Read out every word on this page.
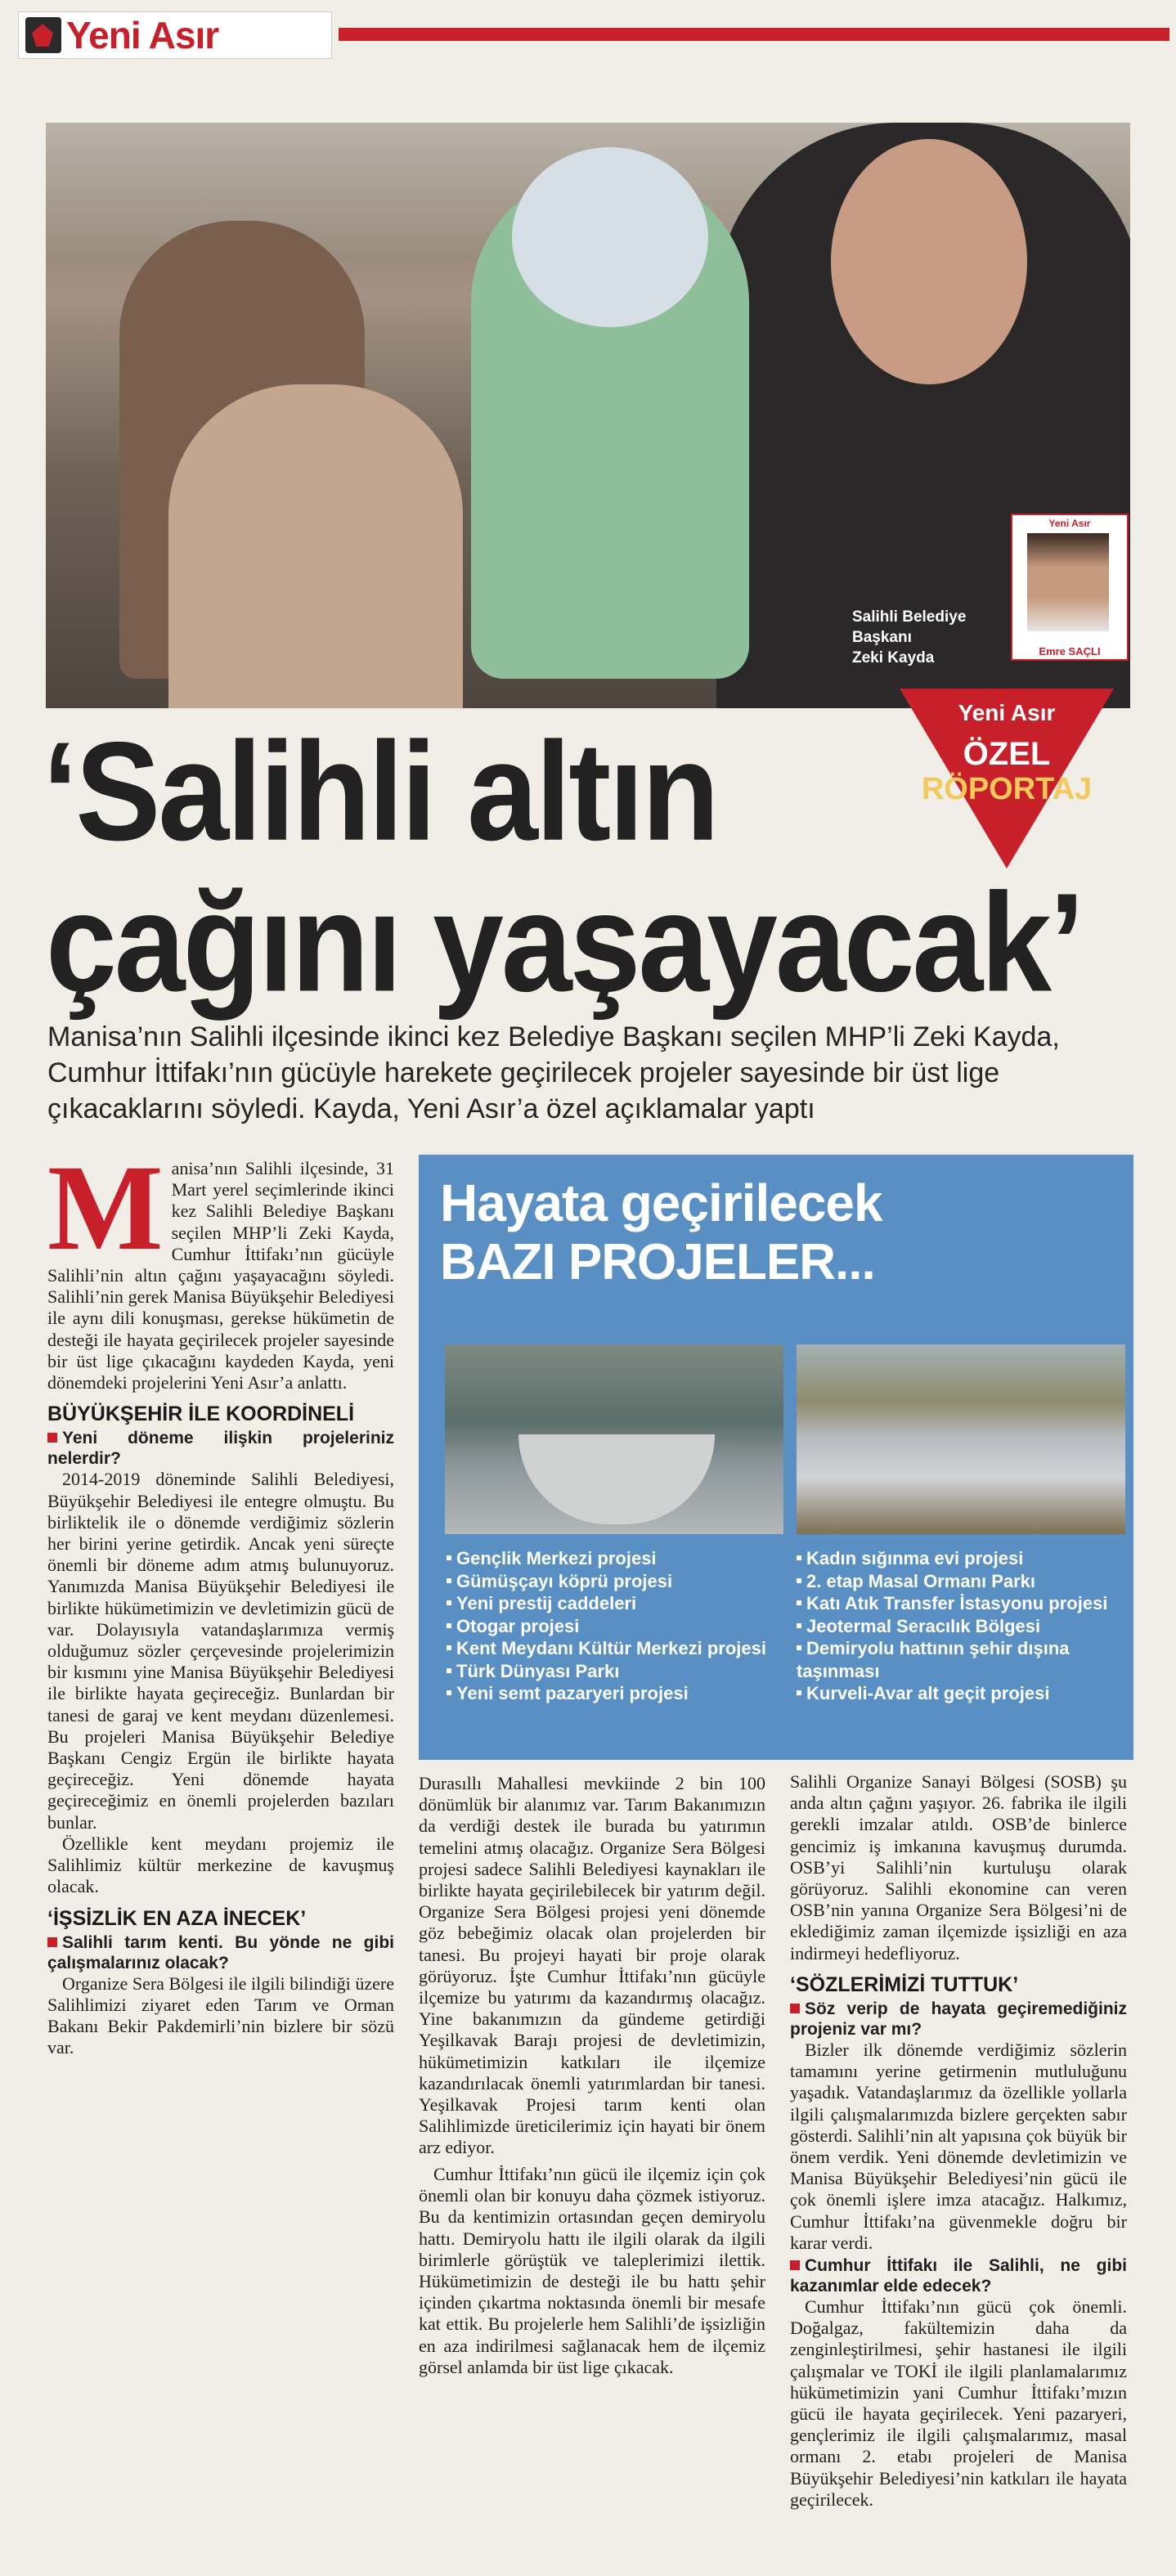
Yeni Asır
Salihli Belediye
Başkanı
Zeki Kayda
Yeni Asır
Emre SAÇLI
Yeni Asır
ÖZEL
RÖPORTAJ
‘Salihli altın
çağını yaşayacak’
Manisa’nın Salihli ilçesinde ikinci kez Belediye Başkanı seçilen MHP’li Zeki Kayda, Cumhur İttifakı’nın gücüyle harekete geçirilecek projeler sayesinde bir üst lige çıkacaklarını söyledi. Kayda, Yeni Asır’a özel açıklamalar yaptı
M anisa’nın Salihli ilçesinde, 31 Mart yerel seçimlerinde ikinci kez Salihli Belediye Başkanı seçilen MHP’li Zeki Kayda, Cumhur İttifakı’nın gücüyle Salihli’nin altın çağını yaşayacağını söyledi. Salihli’nin gerek Manisa Büyükşehir Belediyesi ile aynı dili konuşması, gerekse hükümetin de desteği ile hayata geçirilecek projeler sayesinde bir üst lige çıkacağını kaydeden Kayda, yeni dönemdeki projelerini Yeni Asır’a anlattı.

BÜYÜKŞEHİR İLE KOORDİNELİ

Yeni döneme ilişkin projeleriniz nelerdir?

2014-2019 döneminde Salihli Belediyesi, Büyükşehir Belediyesi ile entegre olmuştu. Bu birliktelik ile o dönemde verdiğimiz sözlerin her birini yerine getirdik. Ancak yeni süreçte önemli bir döneme adım atmış bulunuyoruz. Yanımızda Manisa Büyükşehir Belediyesi ile birlikte hükümetimizin ve devletimizin gücü de var. Dolayısıyla vatandaşlarımıza vermiş olduğumuz sözler çerçevesinde projelerimizin bir kısmını yine Manisa Büyükşehir Belediyesi ile birlikte hayata geçireceğiz. Bunlardan bir tanesi de garaj ve kent meydanı düzenlemesi. Bu projeleri Manisa Büyükşehir Belediye Başkanı Cengiz Ergün ile birlikte hayata geçireceğiz. Yeni dönemde hayata geçireceğimiz en önemli projelerden bazıları bunlar.

Özellikle kent meydanı projemiz ile Salihlimiz kültür merkezine de kavuşmuş olacak.

‘İŞSİZLİK EN AZA İNECEK’

Salihli tarım kenti. Bu yönde ne gibi çalışmalarınız olacak?

Organize Sera Bölgesi ile ilgili bilindiği üzere Salihlimizi ziyaret eden Tarım ve Orman Bakanı Bekir Pakdemirli’nin bizlere bir sözü var.

Hayata geçirilecek
BAZI PROJELER...
Gençlik Merkezi projesi
Gümüşçayı köprü projesi
Yeni prestij caddeleri
Otogar projesi
Kent Meydanı Kültür Merkezi projesi
Türk Dünyası Parkı
Yeni semt pazaryeri projesi
Kadın sığınma evi projesi
2. etap Masal Ormanı Parkı
Katı Atık Transfer İstasyonu projesi
Jeotermal Seracılık Bölgesi
Demiryolu hattının şehir dışına taşınması
Kurveli-Avar alt geçit projesi

Durasıllı Mahallesi mevkiinde 2 bin 100 dönümlük bir alanımız var. Tarım Bakanımızın da verdiği destek ile burada bu yatırımın temelini atmış olacağız. Organize Sera Bölgesi projesi sadece Salihli Belediyesi kaynakları ile birlikte hayata geçirilebilecek bir yatırım değil. Organize Sera Bölgesi projesi yeni dönemde göz bebeğimiz olacak olan projelerden bir tanesi. Bu projeyi hayati bir proje olarak görüyoruz. İşte Cumhur İttifakı’nın gücüyle ilçemize bu yatırımı da kazandırmış olacağız. Yine bakanımızın da gündeme getirdiği Yeşilkavak Barajı projesi de devletimizin, hükümetimizin katkıları ile ilçemize kazandırılacak önemli yatırımlardan bir tanesi. Yeşilkavak Projesi tarım kenti olan Salihlimizde üreticilerimiz için hayati bir önem arz ediyor.

Salihli Organize Sanayi Bölgesi (SOSB) şu anda altın çağını yaşıyor. 26. fabrika ile ilgili gerekli imzalar atıldı. OSB’de binlerce gencimiz iş imkanına kavuşmuş durumda. OSB’yi Salihli’nin kurtuluşu olarak görüyoruz. Salihli ekonomine can veren OSB’nin yanına Organize Sera Bölgesi’ni de eklediğimiz zaman ilçemizde işsizliği en aza indirmeyi hedefliyoruz.

‘SÖZLERİMİZİ TUTTUK’

Söz verip de hayata geçiremediğiniz projeniz var mı?

Bizler ilk dönemde verdiğimiz sözlerin tamamını yerine getirmenin mutluluğunu yaşadık. Vatandaşlarımız da özellikle yollarla ilgili çalışmalarımızda bizlere gerçekten sabır gösterdi. Salihli’nin alt yapısına çok büyük bir önem verdik. Yeni dönemde devletimizin ve Manisa Büyükşehir Belediyesi’nin gücü ile çok önemli işlere imza atacağız. Halkımız, Cumhur İttifakı’na güvenmekle doğru bir karar verdi.

Cumhur İttifakı ile Salihli, ne gibi kazanımlar elde edecek?

Cumhur İttifakı’nın gücü çok önemli. Doğalgaz, fakültemizin daha da zenginleştirilmesi, şehir hastanesi ile ilgili çalışmalar ve TOKİ ile ilgili planlamalarımız hükümetimizin yani Cumhur İttifakı’mızın gücü ile hayata geçirilecek. Yeni pazaryeri, gençlerimiz ile ilgili çalışmalarımız, masal ormanı 2. etabı projeleri de Manisa Büyükşehir Belediyesi’nin katkıları ile hayata geçirilecek.

Cumhur İttifakı’nın gücü ile ilçemiz için çok önemli olan bir konuyu daha çözmek istiyoruz. Bu da kentimizin ortasından geçen demiryolu hattı. Demiryolu hattı ile ilgili olarak da ilgili birimlerle görüştük ve taleplerimizi ilettik. Hükümetimizin de desteği ile bu hattı şehir içinden çıkartma noktasında önemli bir mesafe kat ettik. Bu projelerle hem Salihli’de işsizliğin en aza indirilmesi sağlanacak hem de ilçemiz görsel anlamda bir üst lige çıkacak.
